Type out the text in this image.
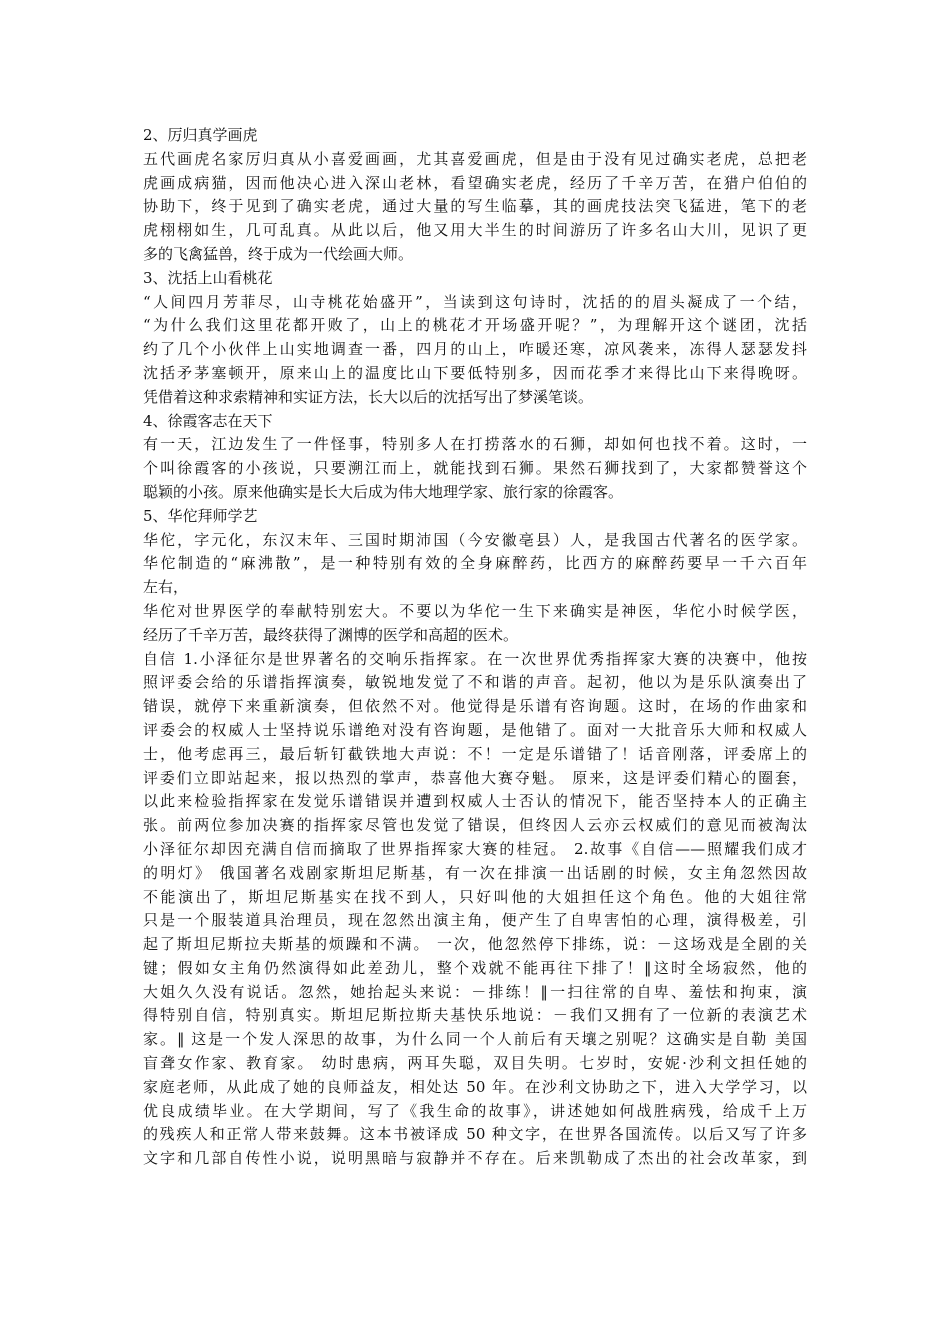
2、厉归真学画虎
五代画虎名家厉归真从小喜爱画画，尤其喜爱画虎，但是由于没有见过确实老虎，总把老
虎画成病猫，因而他决心进入深山老林，看望确实老虎，经历了千辛万苦，在猎户伯伯的
协助下，终于见到了确实老虎，通过大量的写生临摹，其的画虎技法突飞猛进，笔下的老
虎栩栩如生，几可乱真。从此以后，他又用大半生的时间游历了许多名山大川，见识了更
多的飞禽猛兽，终于成为一代绘画大师。
3、沈括上山看桃花
“人间四月芳菲尽，山寺桃花始盛开”，当读到这句诗时，沈括的的眉头凝成了一个结，
“为什么我们这里花都开败了，山上的桃花才开场盛开呢？”，为理解开这个谜团，沈括
约了几个小伙伴上山实地调查一番，四月的山上，咋暖还寒，凉风袭来，冻得人瑟瑟发抖
沈括矛茅塞顿开，原来山上的温度比山下要低特别多，因而花季才来得比山下来得晚呀。
凭借着这种求索精神和实证方法，长大以后的沈括写出了梦溪笔谈。
4、徐霞客志在天下
有一天，江边发生了一件怪事，特别多人在打捞落水的石狮，却如何也找不着。这时，一
个叫徐霞客的小孩说，只要溯江而上，就能找到石狮。果然石狮找到了，大家都赞誉这个
聪颖的小孩。原来他确实是长大后成为伟大地理学家、旅行家的徐霞客。
5、华佗拜师学艺
华佗，字元化，东汉末年、三国时期沛国（今安徽亳县）人，是我国古代著名的医学家。
华佗制造的“麻沸散”，是一种特别有效的全身麻醉药，比西方的麻醉药要早一千六百年
左右，
华佗对世界医学的奉献特别宏大。不要以为华佗一生下来确实是神医，华佗小时候学医，
经历了千辛万苦，最终获得了渊博的医学和高超的医术。
自信 1.小泽征尔是世界著名的交响乐指挥家。在一次世界优秀指挥家大赛的决赛中，他按
照评委会给的乐谱指挥演奏，敏锐地发觉了不和谐的声音。起初，他以为是乐队演奏出了
错误，就停下来重新演奏，但依然不对。他觉得是乐谱有咨询题。这时，在场的作曲家和
评委会的权威人士坚持说乐谱绝对没有咨询题，是他错了。面对一大批音乐大师和权威人
士，他考虑再三，最后斩钉截铁地大声说：不！一定是乐谱错了！话音刚落，评委席上的
评委们立即站起来，报以热烈的掌声，恭喜他大赛夺魁。 原来，这是评委们精心的圈套，
以此来检验指挥家在发觉乐谱错误并遭到权威人士否认的情况下，能否坚持本人的正确主
张。前两位参加决赛的指挥家尽管也发觉了错误，但终因人云亦云权威们的意见而被淘汰
小泽征尔却因充满自信而摘取了世界指挥家大赛的桂冠。 2.故事《自信——照耀我们成才
的明灯》 俄国著名戏剧家斯坦尼斯基，有一次在排演一出话剧的时候，女主角忽然因故
不能演出了，斯坦尼斯基实在找不到人，只好叫他的大姐担任这个角色。他的大姐往常
只是一个服装道具治理员，现在忽然出演主角，便产生了自卑害怕的心理，演得极差，引
起了斯坦尼斯拉夫斯基的烦躁和不满。 一次，他忽然停下排练，说：－这场戏是全剧的关
键；假如女主角仍然演得如此差劲儿，整个戏就不能再往下排了！‖这时全场寂然，他的
大姐久久没有说话。忽然，她抬起头来说：－排练！‖一扫往常的自卑、羞怯和拘束，演
得特别自信，特别真实。斯坦尼斯拉斯夫基快乐地说：－我们又拥有了一位新的表演艺术
家。‖ 这是一个发人深思的故事，为什么同一个人前后有天壤之别呢？这确实是自勒 美国
盲聋女作家、教育家。 幼时患病，两耳失聪，双目失明。七岁时，安妮·沙利文担任她的
家庭老师，从此成了她的良师益友，相处达 50 年。在沙利文协助之下，进入大学学习，以
优良成绩毕业。在大学期间，写了《我生命的故事》，讲述她如何战胜病残，给成千上万
的残疾人和正常人带来鼓舞。这本书被译成 50 种文字，在世界各国流传。以后又写了许多
文字和几部自传性小说，说明黑暗与寂静并不存在。后来凯勒成了杰出的社会改革家，到
